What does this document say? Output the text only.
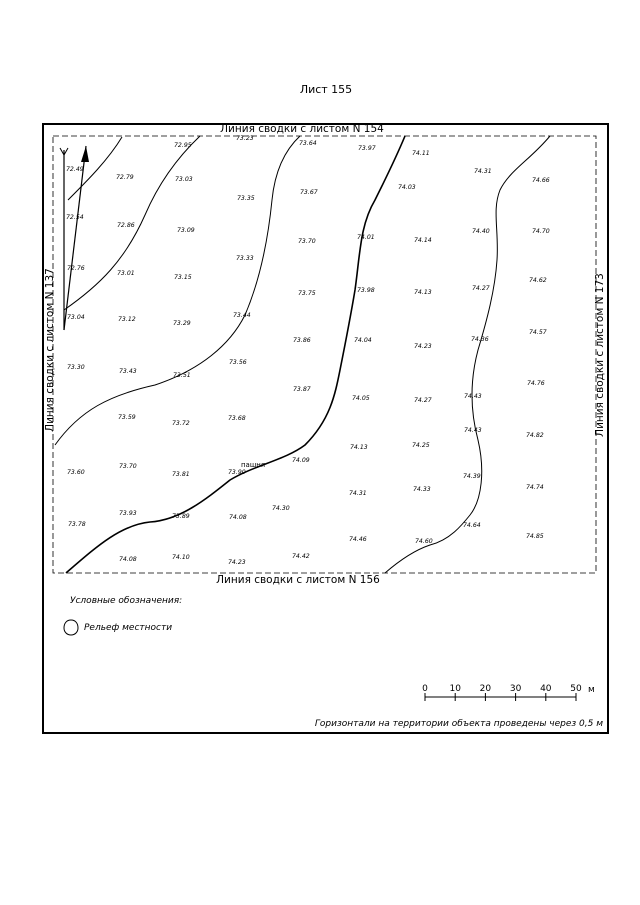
Лист 155
Линия сводки с листом N 154
Линия сводки с листом N 156
Линия сводки с листом N 137	Линия сводки с листом N 173
72.49
72.79	73.03
72.95
73.23
73.64
73.97
74.11
74.31
74.66
72.54
72.86
73.09
73.35
73.67
74.03
74.40	74.70
72.76
73.01
73.15
73.33
73.70
74.01	74.14
74.62
73.04	73.12
73.29
73.44
73.75	73.98	74.13
74.27
74.57
73.30
73.43
73.51
73.56
73.86	74.04
74.23
74.36
74.76
73.59
73.72
73.68
73.87
74.05	74.27
74.43
74.82
73.60
73.70
73.81	73.90
74.09
74.13	74.25
74.43
74.39
74.74
73.78
73.93	73.89	74.08
74.30
74.31
74.33
74.64
74.85
74.08	74.10
74.23
74.42
74.46	74.60
пашня
Условные обозначения:
Рельеф местности
0 10 20 30 40 50 м
Горизонтали на территории объекта проведены через 0,5 м
